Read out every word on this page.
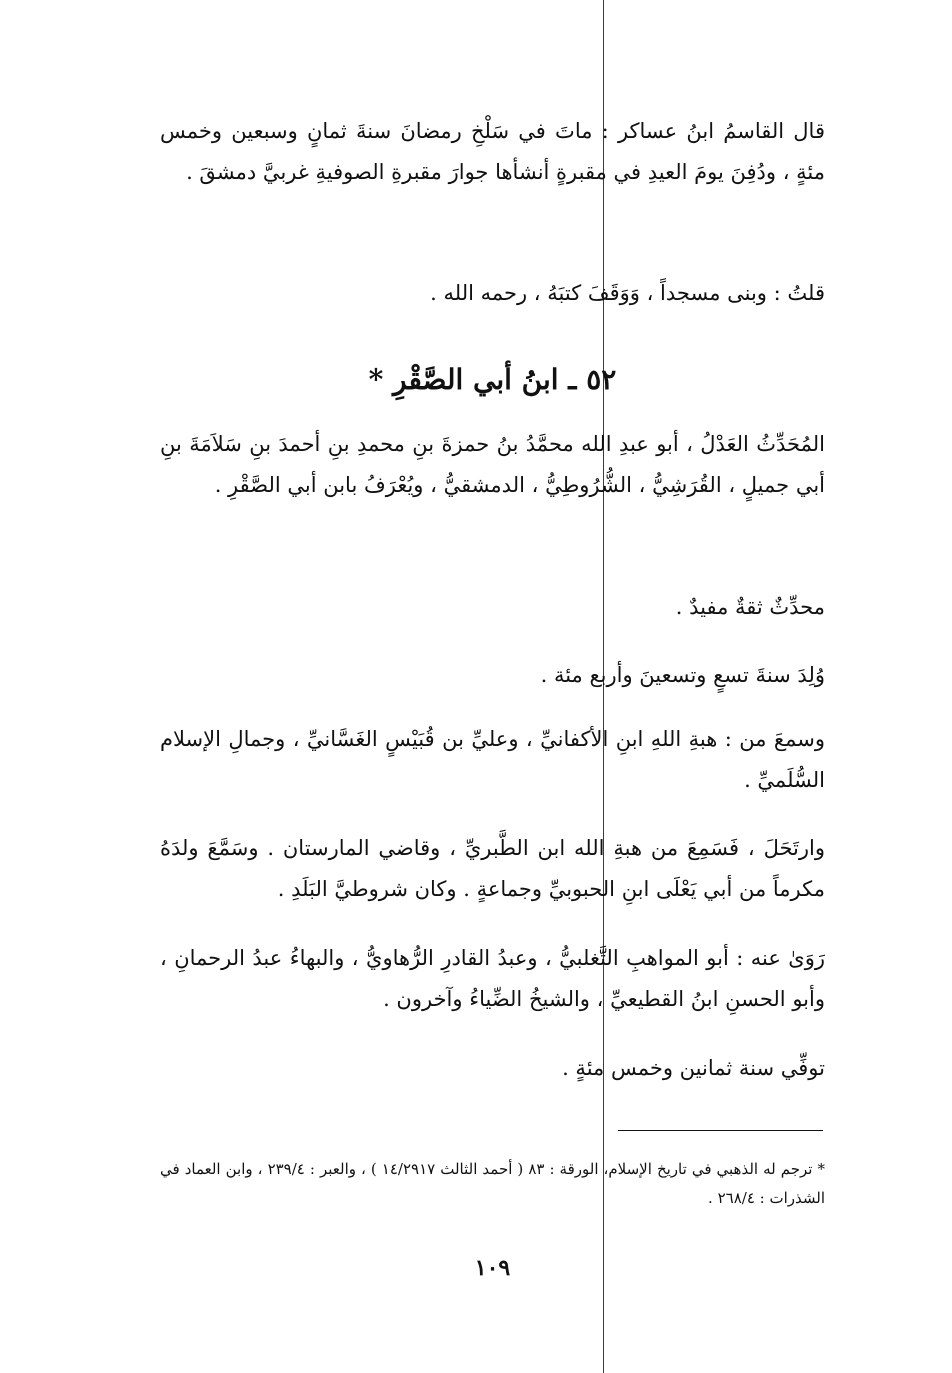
قال القاسمُ ابنُ عساكر : ماتَ في سَلْخِ رمضانَ سنةَ ثمانٍ وسبعين وخمس مئةٍ ، ودُفِنَ يومَ العيدِ في مقبرةٍ أنشأها جوارَ مقبرةِ الصوفيةِ غربيَّ دمشقَ .

قلتُ : وبنى مسجداً ، وَوَقَفَ كتبَهُ ، رحمه الله .

٥٢ ـ ابنُ أبي الصَّقْرِ *

المُحَدِّثُ العَدْلُ ، أبو عبدِ الله محمَّدُ بنُ حمزةَ بنِ محمدِ بنِ أحمدَ بنِ سَلاَمَةَ بنِ أبي جميلٍ ، القُرَشِيُّ ، الشُّرُوطِيُّ ، الدمشقيُّ ، ويُعْرَفُ بابن أبي الصَّقْرِ .

محدِّثٌ ثقةٌ مفيدٌ .

وُلِدَ سنةَ تسعٍ وتسعينَ وأربع مئة .

وسمعَ من : هبةِ اللهِ ابنِ الأكفانيِّ ، وعليِّ بن قُبَيْسٍ الغَسَّانيِّ ، وجمالِ الإسلام السُّلَميِّ .

وارتَحَلَ ، فَسَمِعَ من هبةِ الله ابن الطَّبريِّ ، وقاضي المارستان . وسَمَّعَ ولدَهُ مكرماً من أبي يَعْلَى ابنِ الحبوبيِّ وجماعةٍ . وكان شروطيَّ البَلَدِ .

رَوَىٰ عنه : أبو المواهبِ التَّغلبيُّ ، وعبدُ القادرِ الرُّهاويُّ ، والبهاءُ عبدُ الرحمانِ ، وأبو الحسنِ ابنُ القطيعيِّ ، والشيخُ الضِّياءُ وآخرون .

توفِّي سنة ثمانين وخمس مئةٍ .

* ترجم له الذهبي في تاريخ الإسلام، الورقة : ٨٣ ( أحمد الثالث ١٤/٢٩١٧ ) ، والعبر : ٢٣٩/٤ ، وابن العماد في الشذرات : ٢٦٨/٤ .

١٠٩
